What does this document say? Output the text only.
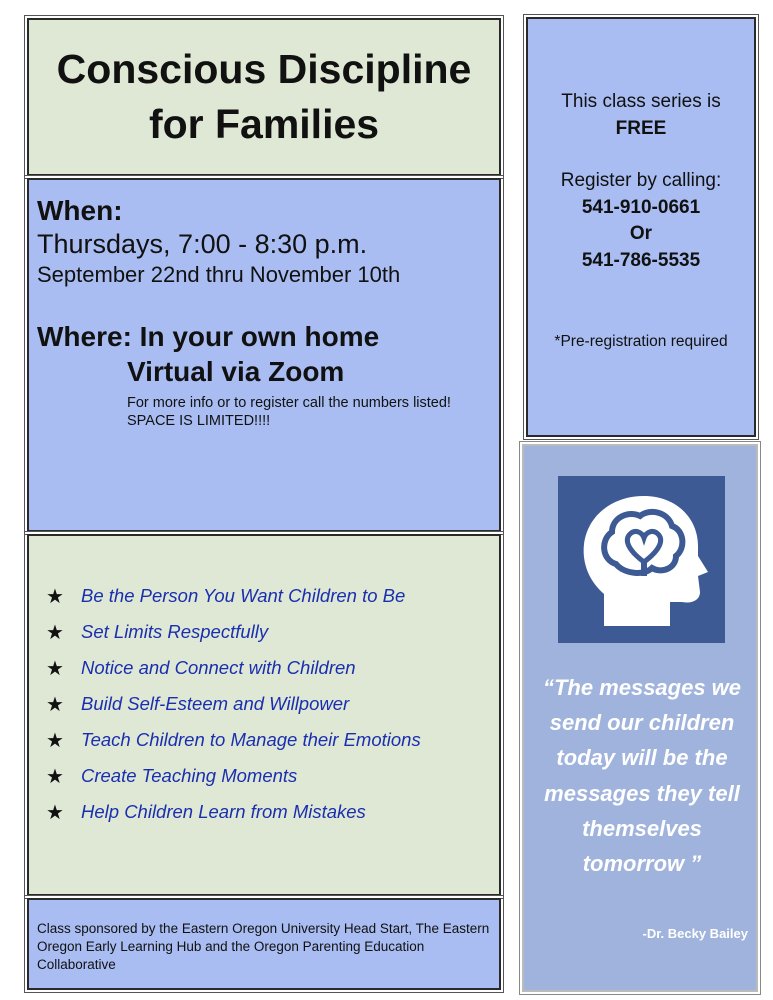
Conscious Discipline
for Families
When:
Thursdays, 7:00 - 8:30 p.m.
September 22nd thru November 10th
Where: In your own home
Virtual via Zoom
For more info or to register call the numbers listed!
SPACE IS LIMITED!!!!
★ Be the Person You Want Children to Be
★ Set Limits Respectfully
★ Notice and Connect with Children
★ Build Self-Esteem and Willpower
★ Teach Children to Manage their Emotions
★ Create Teaching Moments
★ Help Children Learn from Mistakes
Class sponsored by the Eastern Oregon University Head Start, The Eastern Oregon Early Learning Hub and the Oregon Parenting Education Collaborative
This class series is
FREE
Register by calling:
541-910-0661
Or
541-786-5535
*Pre-registration required
“The messages we send our children today will be the messages they tell themselves tomorrow ”
-Dr. Becky Bailey
